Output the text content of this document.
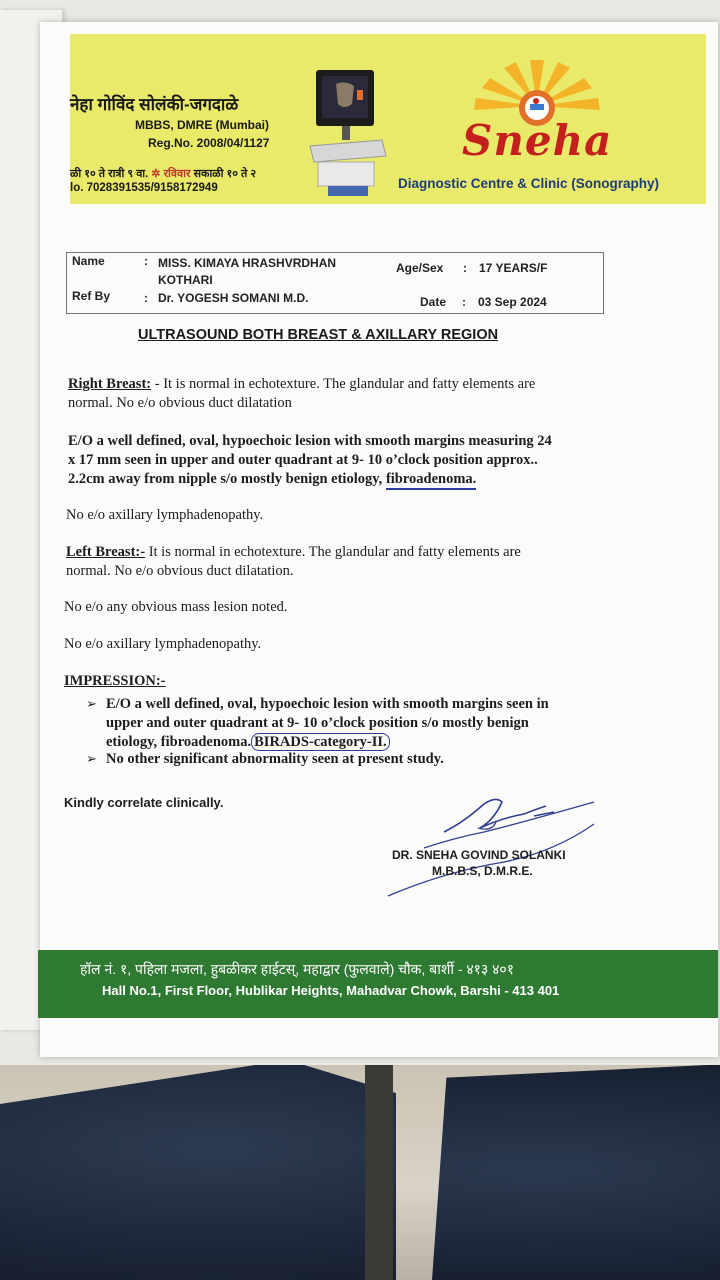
नेहा गोविंद सोलंकी-जगदाळे
MBBS, DMRE (Mumbai)
Reg.No. 2008/04/1127
ळी १० ते रात्री ९ वा. ✲ रविवार सकाळी १० ते २
lo. 7028391535/9158172949
Sneha
Diagnostic Centre & Clinic (Sonography)
Name	: MISS. KIMAYA HRASHVRDHAN
KOTHARI
Age/Sex : 17 YEARS/F
Ref By	: Dr. YOGESH SOMANI M.D.	Date : 03 Sep 2024
ULTRASOUND BOTH BREAST & AXILLARY REGION
Right Breast: - It is normal in echotexture. The glandular and fatty elements are
normal. No e/o obvious duct dilatation
E/O a well defined, oval, hypoechoic lesion with smooth margins measuring 24
x 17 mm seen in upper and outer quadrant at 9- 10 o’clock position approx..
2.2cm away from nipple s/o mostly benign etiology, fibroadenoma.
No e/o axillary lymphadenopathy.
Left Breast:- It is normal in echotexture. The glandular and fatty elements are
normal. No e/o obvious duct dilatation.
No e/o any obvious mass lesion noted.
No e/o axillary lymphadenopathy.
IMPRESSION:-
➢ E/O a well defined, oval, hypoechoic lesion with smooth margins seen in
upper and outer quadrant at 9- 10 o’clock position s/o mostly benign
etiology, fibroadenoma. BIRADS-category-II.
➢ No other significant abnormality seen at present study.
Kindly correlate clinically.
DR. SNEHA GOVIND SOLANKI
M.B.B.S, D.M.R.E.
हॉल नं. १, पहिला मजला, हुबळीकर हाईटस्, महाद्वार (फुलवाले) चौक, बार्शी - ४१३ ४०१
Hall No.1, First Floor, Hublikar Heights, Mahadvar Chowk, Barshi - 413 401
